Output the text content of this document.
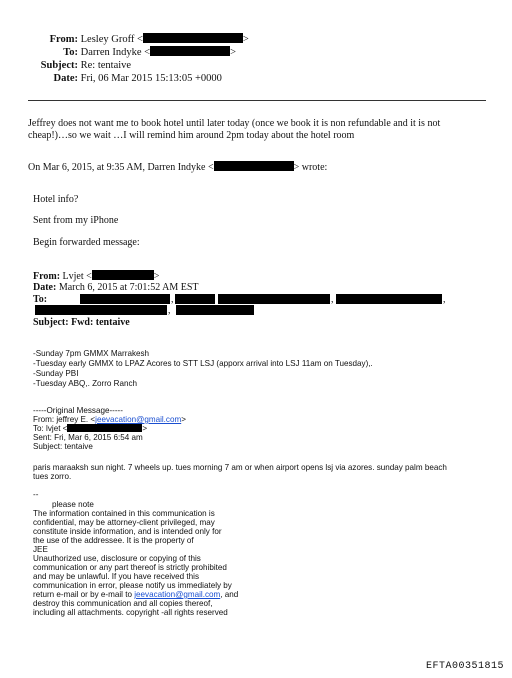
From: Lesley Groff <	>
To: Darren Indyke <	>
Subject: Re: tentaive
Date: Fri, 06 Mar 2015 15:13:05 +0000
Jeffrey does not want me to book hotel until later today (once we book it is non refundable and it is not
cheap!)…so we wait …I will remind him around 2pm today about the hotel room
On Mar 6, 2015, at 9:35 AM, Darren Indyke <	> wrote:
Hotel info?
Sent from my iPhone
Begin forwarded message:
From: Lvjet <	>
Date: March 6, 2015 at 7:01:52 AM EST
To:	,	,	,
,
Subject: Fwd: tentaive
-Sunday 7pm GMMX Marrakesh
-Tuesday early GMMX to LPAZ Acores to STT LSJ (apporx arrival into LSJ 11am on Tuesday),.
-Sunday PBI
-Tuesday ABQ,. Zorro Ranch
-----Original Message-----
From: jeffrey E. <jeevacation@gmail.com>
To: lvjet <	>
Sent: Fri, Mar 6, 2015 6:54 am
Subject: tentaive
paris maraaksh sun night. 7 wheels up. tues morning 7 am or when airport opens lsj via azores. sunday palm beach
tues zorro.
--
please note
The information contained in this communication is
confidential, may be attorney-client privileged, may
constitute inside information, and is intended only for
the use of the addressee. It is the property of
JEE
Unauthorized use, disclosure or copying of this
communication or any part thereof is strictly prohibited
and may be unlawful. If you have received this
communication in error, please notify us immediately by
return e-mail or by e-mail to jeevacation@gmail.com, and
destroy this communication and all copies thereof,
including all attachments. copyright -all rights reserved
EFTA00351815
